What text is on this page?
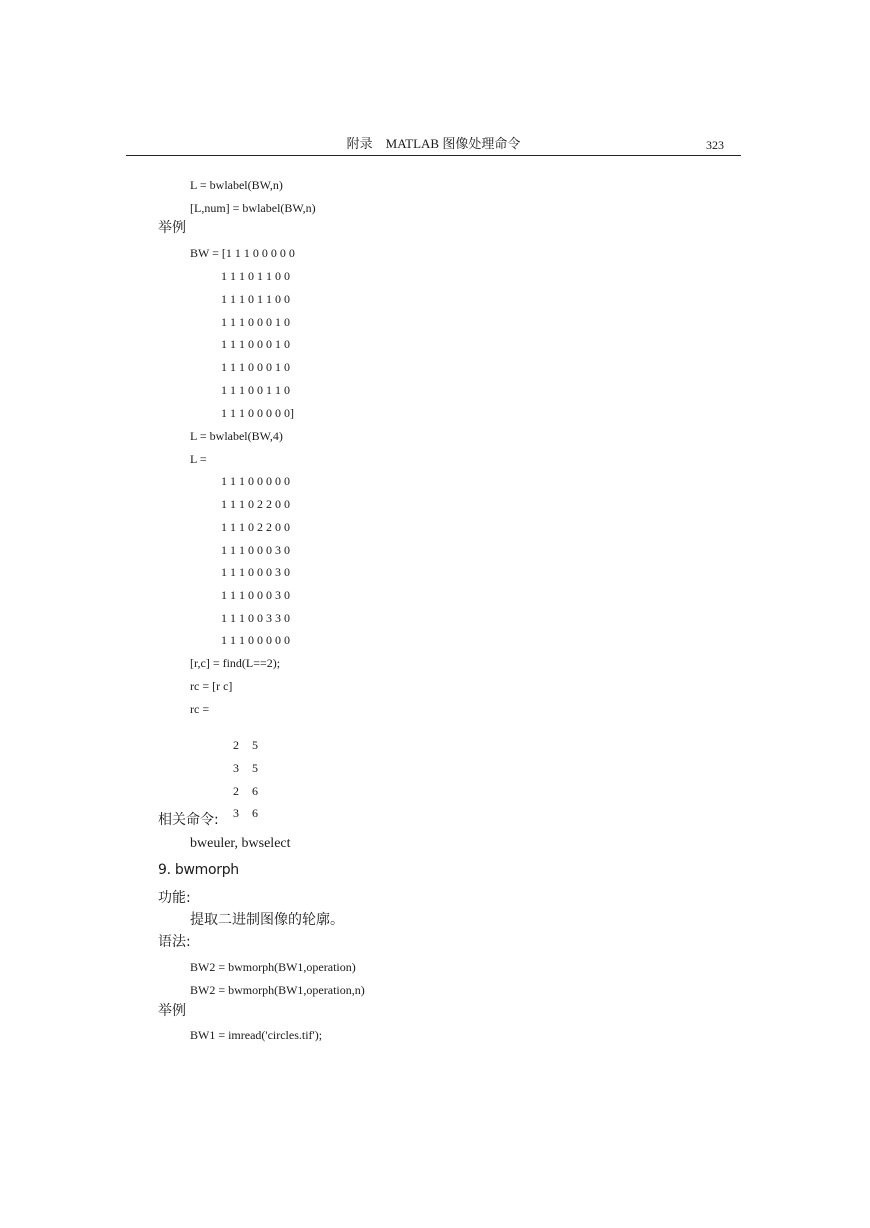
附录　MATLAB 图像处理命令	323
L = bwlabel(BW,n)
[L,num] = bwlabel(BW,n)
举例
BW = [1 1 1 0 0 0 0 0
1 1 1 0 1 1 0 0
1 1 1 0 1 1 0 0
1 1 1 0 0 0 1 0
1 1 1 0 0 0 1 0
1 1 1 0 0 0 1 0
1 1 1 0 0 1 1 0
1 1 1 0 0 0 0 0]
L = bwlabel(BW,4)
L =
1 1 1 0 0 0 0 0
1 1 1 0 2 2 0 0
1 1 1 0 2 2 0 0
1 1 1 0 0 0 3 0
1 1 1 0 0 0 3 0
1 1 1 0 0 0 3 0
1 1 1 0 0 3 3 0
1 1 1 0 0 0 0 0
[r,c] = find(L==2);
rc = [r c]
rc =

2 5

3 5

2 6

3 6

相关命令:
bweuler, bwselect
9. bwmorph
功能:
提取二进制图像的轮廓。
语法:
BW2 = bwmorph(BW1,operation)
BW2 = bwmorph(BW1,operation,n)
举例
BW1 = imread('circles.tif');
